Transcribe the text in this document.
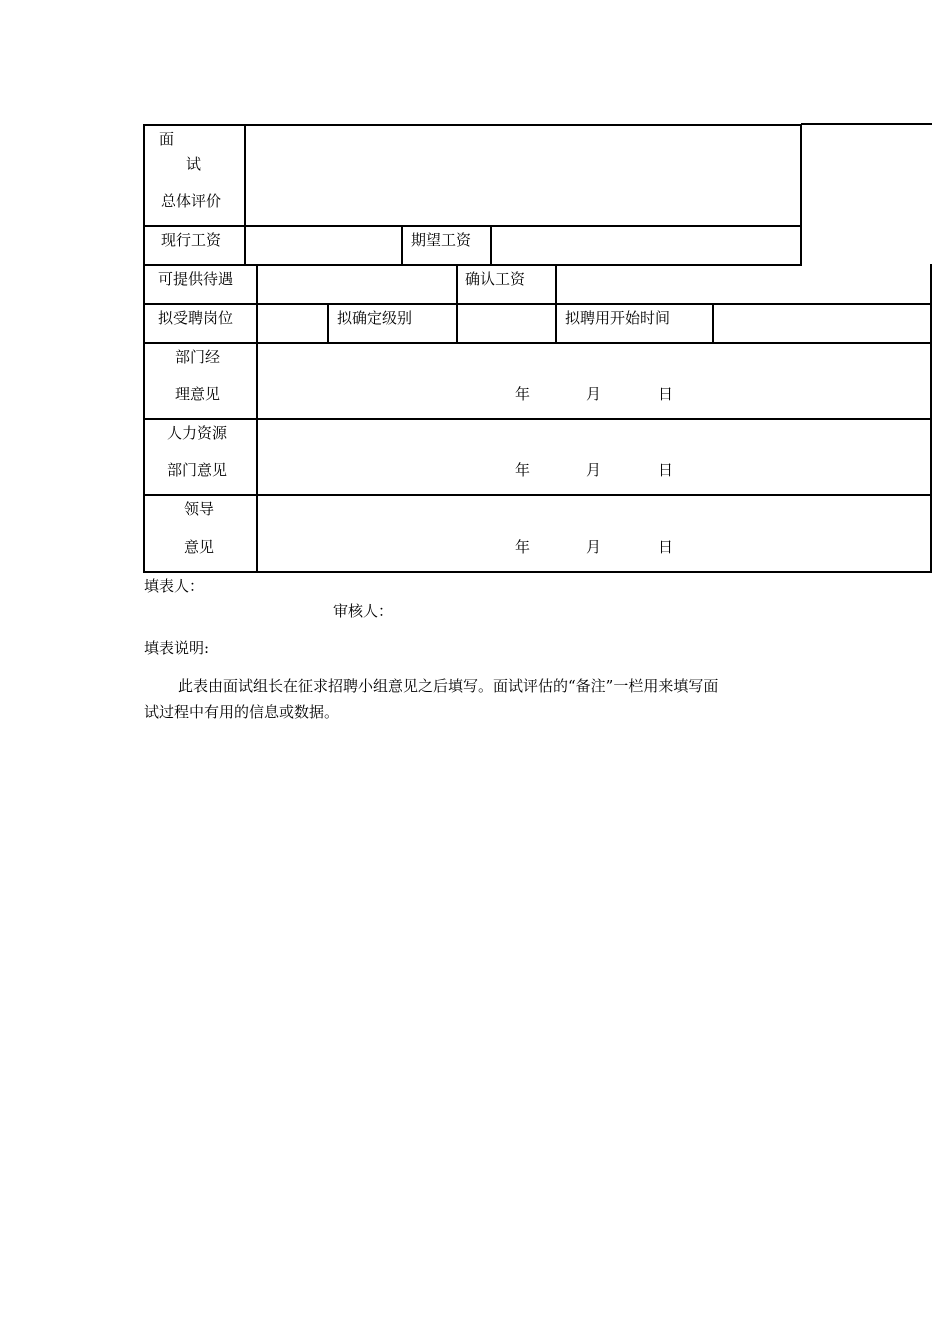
面
试
总体评价
现行工资	期望工资
可提供待遇	确认工资
拟受聘岗位	拟确定级别	拟聘用开始时间
部门经
理意见	年	月	日
人力资源
部门意见	年	月	日
领导
意见	年	月	日
填表人：
审核人：
填表说明:
此表由面试组长在征求招聘小组意见之后填写。面试评估的“备注”一栏用来填写面
试过程中有用的信息或数据。
